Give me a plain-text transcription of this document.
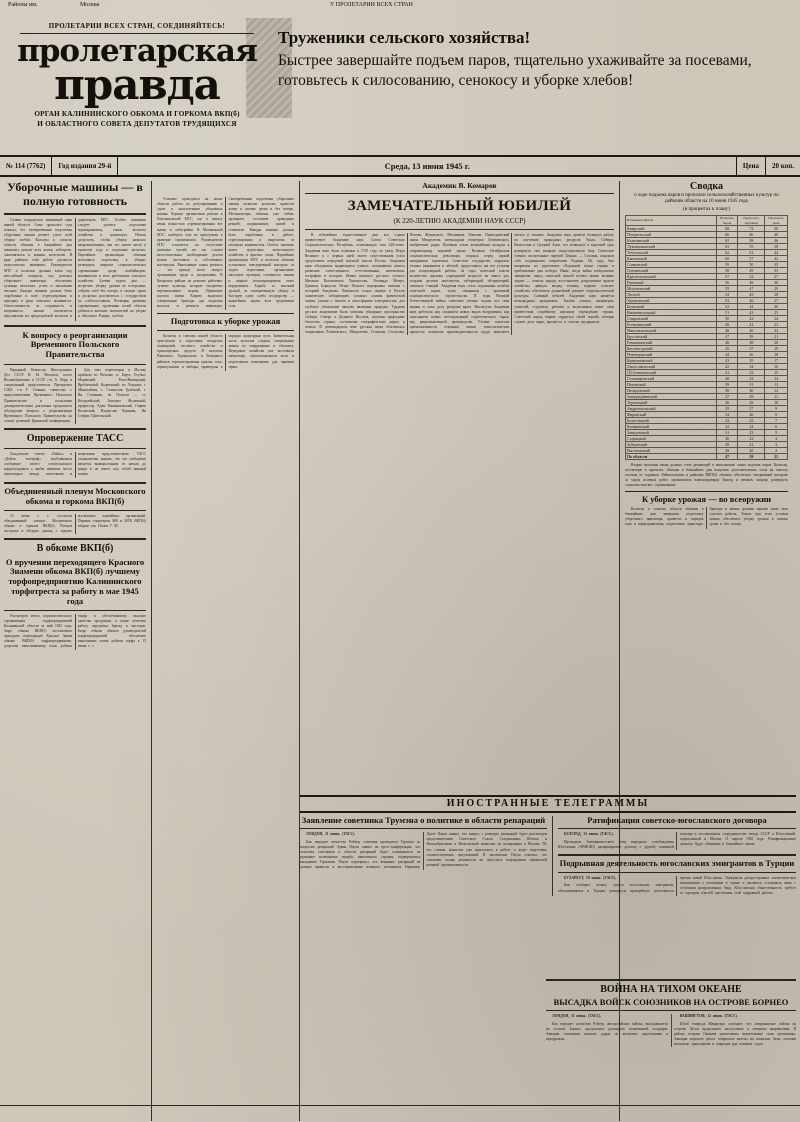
Районы им.	Москва	У ПРОЛЕТАРИИ ВСЕХ СТРАН
ПРОЛЕТАРИИ ВСЕХ СТРАН, СОЕДИНЯЙТЕСЬ!
пролетарская
правда
ОРГАН КАЛИНИНСКОГО ОБКОМА И ГОРКОМА ВКП(б)
И ОБЛАСТНОГО СОВЕТА ДЕПУТАТОВ ТРУДЯЩИХСЯ
Труженики сельского хозяйства!
Быстрее завершайте подъем паров, тщательно ухаживайте за посевами, готовьтесь к силосованию, сенокосу и уборке хлебов!
№ 114 (7762)	Год издания 29-й	Среда, 13 июня 1945 г.	Цена	20 коп.
Уборочные машины — в полную готовность

Славно потрудились машинный парк нашей области. Опыт прошлого года показал, что своевременная подготовка уборочных машин решает успех всей уборки хлебов. Колхозы и совхозы области обязаны в ближайшие дни закончить ремонт всех жаток, лобогреек, сноповязалок и конных молотилок. В ряде районов этой работе уделяется недостаточно внимания. Руководители МТС и колхозов должны взять под неослабный контроль ход ремонта уборочного инвентаря, обеспечить кузницы металлом, углем и запасными частями. Каждая машина должна быть опробована в поле, отрегулирована и передана в руки опытного машиниста. Ответственность за сохранность и исправность машин возлагается персонально на председателей колхозов и директоров МТС. Особое внимание следует уделить подготовке зернохранилищ, токов, весового хозяйства и транспорта. Нельзя допустить, чтобы уборка началась неорганизованно, как это имело место в прошлом году в отдельных колхозах. Партийные организации обязаны возглавить подготовку к уборке, развернуть широкое социалистическое соревнование среди комбайнеров, машинистов и всех работников сельского хозяйства. Боевая задача дня — встретить уборку урожая во всеоружии, собрать хлеб без потерь, в сжатые сроки и досрочно рассчитаться с государством по хлебопоставкам. Всемерно развивая соревнование, труженики полей области добьются высоких показателей на уборке и обеспечат Родину хлебом.

К вопросу о реорганизации Временного Польского Правительства

Народный Комиссар Иностранных Дел СССР В. М. Молотов, посол Великобритании в СССР г-н А. Керр и специальный представитель Президента США г-н Г. Гопкинс совместно с представителями Временного Польского Правительства и польскими демократическими деятелями продолжали обсуждение вопроса о реорганизации Временного Польского Правительства на основе решений Крымской конференции.

Для этих переговоров в Москву прибыли из Польши: гг. Берут, Осубка-Моравский, Рола-Жимерский, Врублевский, Кодвенский; из Лондона: г. Миколайчик, г. Станислав Грабский, г. Ян Станьчик; из Польши — гг. Колодзейский, Зыгмунт Жулавский, профессор Адам Кжижановский, Генрик Коловский, Владислав Кернник, Ян Стефан Щигельский.

Опровержение ТАСС

Лондонские газеты «Таймс» и «Дейли телеграф» опубликовали сообщение своего стокгольмского корреспондента о якобы имевших место переговорах между советскими и японскими представителями. ТАСС уполномочен заявить, что это сообщение является вымышленным от начала до конца и не имеет под собой никакой почвы.

Объединенный пленум Московского обкома и горкома ВКП(б)

12 июня с. г. состоялся объединенный пленум Московского обкома и горкома ВКП(б). Пленум заслушал и обсудил доклад о задачах московских партийных организаций. Первым секретарем МК и МГК ВКП(б) избран тов. Попов Г. М.

В обкоме ВКП(б)
О вручении переходящего Красного Знамени обкома ВКП(б) лучшему торфопредприятию Калининского торфотреста за работу в мае 1945 года

Рассмотрев итоги социалистического соревнования торфопредприятий Калининской области за май 1945 года, бюро обкома ВКП(б) постановило присудить переходящее Красное Знамя обкома ВКП(б) торфопредприятию, досрочно выполнившему план добычи торфа и обеспечившему высокое качество продукции, а также отметить работу передовых бригад и мастеров. Бюро обкома обязало руководителей торфопредприятий обеспечить выполнение плана добычи торфа к 15 июня с. г.

Успешно проводится на полях области работа по регулированию и сдаче в эксплуатацию уборочных машин. Хорошо организован ремонт в Емельяновской МТС, где к началу июня полностью отремонтированы все жатки и лобогрейки. В Мошковской МТС, наоборот, еще не приступили к проверке сноповязалок. Руководители МТС ссылаются на отсутствие запасных частей, но эти ссылки несостоятельны: необходимые детали можно изготовить в собственных мастерских. Выполнение плана ремонта — это прежде всего вопрос организации труда и дисциплины. В Кимрском районе на ремонте работают лучшие кузнецы, которые ежедневно перевыполняют нормы. Правление колхоза имени Кирова выделило специальные бригады для подвозки металла и ремонта инвентаря. Своевременная подготовка уборочных машин позволит колхозам провести жатву в сжатые сроки и без потерь. Механизаторы обязаны уже сейчас проверить состояние приводных ремней, подшипников, ножей и сегментов. Каждая машина должна быть опробована в работе, отрегулирована и закреплена за опытным машинистом. Особое значение имеет подготовка молотильного хозяйства и крытых токов. Партийные организации МТС и колхозов обязаны установить повседневный контроль за ходом подготовки, организовать массовую проверку готовности машин и широко популяризировать опыт передовиков. Борьба за высокий урожай, за своевременную уборку и быструю сдачу хлеба государству — важнейшая задача всех тружеников села.

Подготовка к уборке урожая

Колхозы и совхозы нашей области приступили к подготовке складских помещений, весового хозяйства и транспортных средств. В колхозах Ржевского, Торжокского и Бежецкого районов отремонтированы крытые тока, зерносушилки и амбары, приведены в порядок подъездные пути. Значительная часть колхозов создала специальные звенья по скирдованию и обмолоту. Передовые хозяйства уже заготовили мешкотару, отремонтировали весы и подготовили помещения для приемки зерна.

Академик В. Комаров
ЗАМЕЧАТЕЛЬНЫЙ ЮБИЛЕЙ
(К 220-ЛЕТИЮ АКАДЕМИИ НАУК СССР)

В юбилейные торжественные дни вся страна приветствует Академию наук Союза Советских Социалистических Республик, отмечающую свое 220-летие. Академия наук была основана в 1725 году по указу Петра Великого и с первых дней своего существования стала средоточием передовой научной мысли России. Академия наук объединила выдающихся ученых, положивших начало развитию отечественного естествознания, математики, географии и истории. Имена великого русского ученого Михаила Васильевича Ломоносова, Леонарда Эйлера, Даниила Бернулли, Петра Палласа неразрывно связаны с историей Академии. Ломоносов создал первую в России химическую лабораторию, заложил основы физической химии, учения о теплоте и атмосферном электричестве, дал глубокое объяснение многим явлениям природы. Трудами русских академиков были описаны обширные пространства Сибири, Севера и Дальнего Востока, изучены природные богатства страны, составлены географические карты и атласы. В девятнадцатом веке русская наука обогатилась открытиями Лобачевского, Менделеева, Сеченова, Столетова, Попова, Жуковского, Мечникова, Павлова. Периодический закон Менделеева, неевклидова геометрия Лобачевского, изобретение радио Поповым стали величайшим вкладом в сокровищницу мировой науки. Великая Октябрьская социалистическая революция открыла перед наукой невиданные горизонты. Советское государство окружило ученых вниманием и заботой, предоставило им все условия для плодотворной работы. За годы советской власти количество научных учреждений возросло во много раз, созданы десятки институтов, лабораторий, обсерваторий, опытных станций. Академия наук стала подлинным штабом советской науки, тесно связанным с практикой социалистического строительства. В годы Великой Отечественной войны советские ученые отдали все свои знания и силы делу разгрома врага. Институты Академии наук работали над созданием новых видов вооружения, над изысканием новых месторождений стратегического сырья, над рационализацией производства. Ученые помогали промышленности осваивать новые технологические процессы, повышать производительность труда, экономить металл и топливо. Академия наук провела большую работу по изучению природных ресурсов Урала, Сибири, Казахстана и Средней Азии, что позволило в короткий срок развернуть там мощную индустриальную базу. Советские ученые, воспитанные партией Ленина — Сталина, показали себя подлинными патриотами Родины. Их труд был направлен на укрепление оборонной мощи страны и приближение дня победы. Ныне, когда война победоносно завершена, перед советской наукой встают новые великие задачи — помочь народу восстановить разрушенное врагом хозяйство, двинуть вперед технику, поднять сельское хозяйство, обеспечить дальнейший расцвет социалистической культуры. Славный юбилей Академии наук является всенародным праздником. Тысячи ученых, инженеров, учителей, студентов, рабочих и колхозников шлют свои приветствия старейшему научному учреждению страны. Советский народ вправе гордиться своей наукой, которая служит делу мира, прогресса и счастья трудящихся.

Сводка
о ходе подъема паров и прополки сельскохозяйственных культур по районам области на 10 июня 1945 года
(в процентах к плану)
Названия районов	Вспахано паров	Прополото зерновых	Прополото льна
Кимрский	68	72	50
Погорельский	66	60	40
Калязинский	65	58	46
Луковниковский	63	55	38
Теблешский	62	61	44
Кашинский	60	57	42
Сонковский	59	50	35
Оленинский	58	49	33
Краснохолмский	57	52	37
Ржевский	56	48	30
Молоковский	55	47	29
Лесной	54	45	28
Удомельский	53	46	27
Бежецкий	52	44	26
Вышневолоцкий	51	43	25
Спировский	50	42	24
Есеновичский	49	41	23
Максатихинский	48	40	22
Брусовский	47	39	21
Рамешковский	46	38	20
Кесовогорский	45	37	19
Новоторжский	44	36	18
Кувшиновский	43	35	17
Лихославльский	42	34	16
沃Осташковский	41	33	15
Селижаровский	40	32	14
Пеновский	39	31	13
Нелидовский	38	30	12
Западнодвинский	37	29	11
Торопецкий	36	28	10
Андреапольский	35	27	9
Фировский	34	26	8
Бологовский	33	25	7
Конаковский	32	24	6
Завидовский	31	23	5
Старицкий	30	22	4
Зубцовский	29	21	3
Высоковский	28	20	2
По области	47	39	22

Вторая половина июня должна стать решающей в выполнении плана подъема паров. Колхозы, отстающие в прополке, обязаны в ближайшие дни выделить дополнительные силы на очистку посевов от сорняков. Райисполкомы и райкомы ВКП(б) обязаны обеспечить ежедневный контроль за ходом полевых работ, организовать взаимопроверку бригад и звеньев, широко развернуть социалистическое соревнование.

К уборке урожая — во всеоружии

Колхозы и совхозы области обязаны в ближайшие дни завершить подготовку уборочного инвентаря, привести в порядок тока и зернохранилища, подготовить транспорт. Бригады и звенья должны заранее знать свои участки работы. Только при этом условии можно обеспечить уборку урожая в сжатые сроки и без потерь.

ИНОСТРАННЫЕ ТЕЛЕГРАММЫ
Заявление советника Трумэна о политике в области репараций

ЛОНДОН, 11 июня. (ТАСС).

Как передает агентство Рейтер, советник президента Трумэна по вопросам репараций Эдвин Паули заявил на пресс-конференции, что политика союзников в области репараций будет основываться на принципе возмещения ущерба, нанесенного странам, подвергшимся нападению Германии. Паули подчеркнул, что взимание репараций не должно привести к восстановлению военного потенциала Германии. Далее Паули заявил, что вопрос о размерах репараций будет рассмотрен представителями Советского Союза, Соединенных Штатов и Великобритании в Межсоюзной комиссии по репарациям в Москве. По его словам, комиссия уже приступила к работе и ведет подготовку соответствующих предложений. В заключение Паули отметил, что союзники полны решимости не допустить возрождения германской военной промышленности.

Ратификация советско-югославского договора

БЕЛГРАД, 12 июня. (ТАСС).

Президиум Антифашистского веча народного освобождения Югославии (АВНОЮ) ратифицировал договор о дружбе, взаимной помощи и послевоенном сотрудничестве между СССР и Югославией, подписанный в Москве 11 апреля 1945 года. Ратификационные грамоты будут обменены в ближайшее время.

Подрывная деятельность югославских эмигрантов в Турции

БУХАРЕСТ, 10 июня. (ТАСС).

Как сообщает печать, группа югославских эмигрантов, обосновавшихся в Турции, развернула враждебную деятельность против новой Югославии. Эмигранты распространяют клеветнические измышления о положении в стране и пытаются установить связь с остатками разгромленных банд. Югославская общественность требует от турецких властей пресечения этой подрывной работы.

ВОЙНА НА ТИХОМ ОКЕАНЕ
ВЫСАДКА ВОЙСК СОЮЗНИКОВ НА ОСТРОВЕ БОРНЕО

ЛОНДОН, 11 июня. (ТАСС).

Как передает агентство Рейтер, австралийские войска, высадившиеся на острове Борнео, продолжают расширять захваченный плацдарм. Авиация союзников наносит удары по японским укреплениям и аэродромам.

ВАШИНГТОН, 12 июня. (ТАСС).

Штаб генерала Макартура сообщает, что американские войска на острове Лусон продолжают наступление в северном направлении. В районе острова Окинава уничтожены значительные силы противника. Авиация морского флота совершила налеты на японские базы, потопив несколько транспортов и повредив ряд военных судов.
